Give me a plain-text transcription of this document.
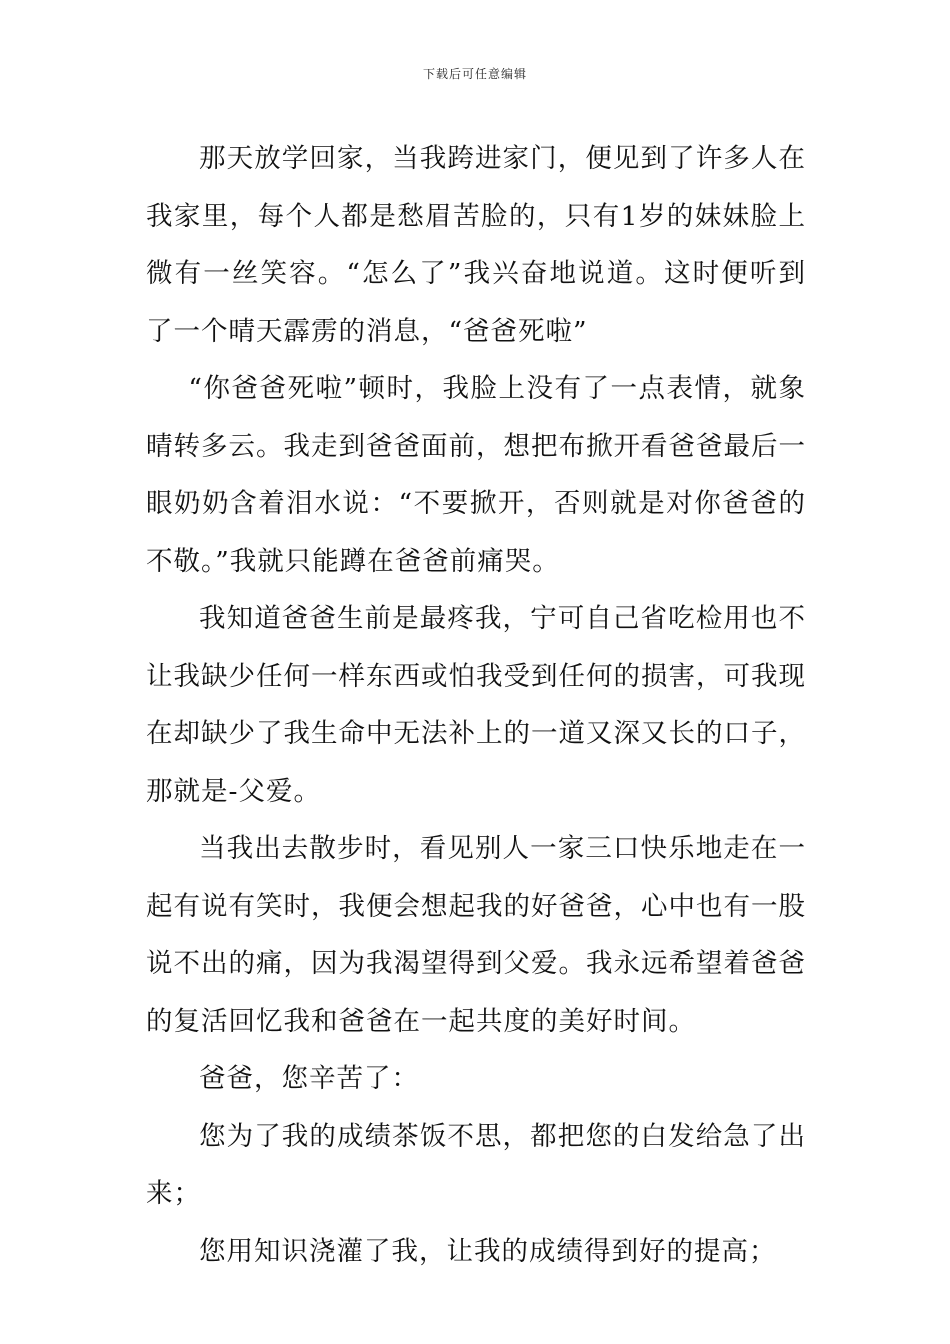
下载后可任意编辑

那天放学回家，当我跨进家门，便见到了许多人在我家里，每个人都是愁眉苦脸的，只有1岁的妹妹脸上微有一丝笑容。“怎么了”我兴奋地说道。这时便听到了一个晴天霹雳的消息，“爸爸死啦”

“你爸爸死啦”顿时，我脸上没有了一点表情，就象晴转多云。我走到爸爸面前，想把布掀开看爸爸最后一眼奶奶含着泪水说：“不要掀开，否则就是对你爸爸的不敬。”我就只能蹲在爸爸前痛哭。

我知道爸爸生前是最疼我，宁可自己省吃检用也不让我缺少任何一样东西或怕我受到任何的损害，可我现在却缺少了我生命中无法补上的一道又深又长的口子，那就是-父爱。

当我出去散步时，看见别人一家三口快乐地走在一起有说有笑时，我便会想起我的好爸爸，心中也有一股说不出的痛，因为我渴望得到父爱。我永远希望着爸爸的复活回忆我和爸爸在一起共度的美好时间。

爸爸，您辛苦了：

您为了我的成绩茶饭不思，都把您的白发给急了出来；

您用知识浇灌了我，让我的成绩得到好的提高；
